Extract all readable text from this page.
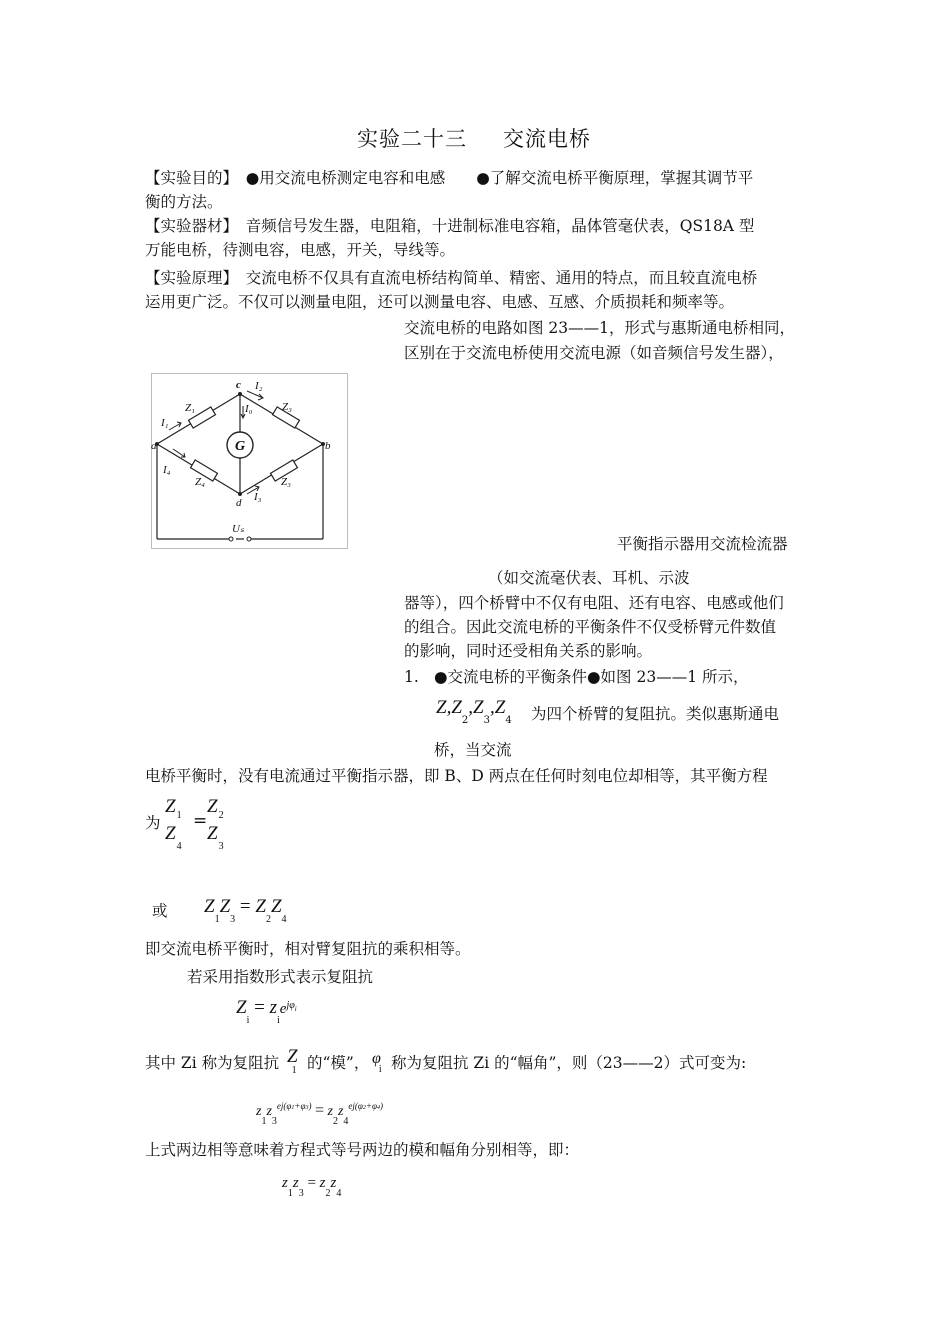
实验二十三 交流电桥
【实验目的】　●用交流电桥测定电容和电感　　●了解交流电桥平衡原理，掌握其调节平
衡的方法。
【实验器材】　音频信号发生器，电阻箱，十进制标准电容箱，晶体管毫伏表，QS18A 型
万能电桥，待测电容，电感，开关，导线等。
【实验原理】　交流电桥不仅具有直流电桥结构简单、精密、通用的特点，而且较直流电桥
运用更广泛。不仅可以测量电阻，还可以测量电容、电感、互感、介质损耗和频率等。
交流电桥的电路如图 23——1，形式与惠斯通电桥相同，
区别在于交流电桥使用交流电源（如音频信号发生器），
G
a
c
b
d
Z₁	Z₃
Z₄	Z₃
I₁
I₂
I₃
I₄
I₀
Uₛ
平衡指示器用交流检流器
（如交流毫伏表、耳机、示波
器等），四个桥臂中不仅有电阻、还有电容、电感或他们
的组合。因此交流电桥的平衡条件不仅受桥臂元件数值
的影响，同时还受相角关系的影响。
1. ●交流电桥的平衡条件●如图 23——1 所示，
$Z,Z_2,Z_3,Z_4$ 为四个桥臂的复阻抗。类似惠斯通电
桥，当交流
电桥平衡时，没有电流通过平衡指示器，即 B、D 两点在任何时刻电位却相等，其平衡方程
为
$Z_1$ =
$Z_2$
$Z_4$
$Z_3$
或 $Z_1Z_3 = Z_2Z_4$
即交流电桥平衡时，相对臂复阻抗的乘积相等。
若采用指数形式表示复阻抗
$Z_i = z_ie^{j\varphi}i$
其中 Zi 称为复阻抗 $Z_1$ 的“模”， $\varphi_i$ 称为复阻抗 Zi 的“幅角”，则（23——2）式可变为:
$z_1z_3^{ej(\varphi 1+\varphi 3)} = z_2z_4^{ej(\varphi 2+\varphi 4)}$
上式两边相等意味着方程式等号两边的模和幅角分别相等，即：
$z_1z_3 = z_2z_4$
